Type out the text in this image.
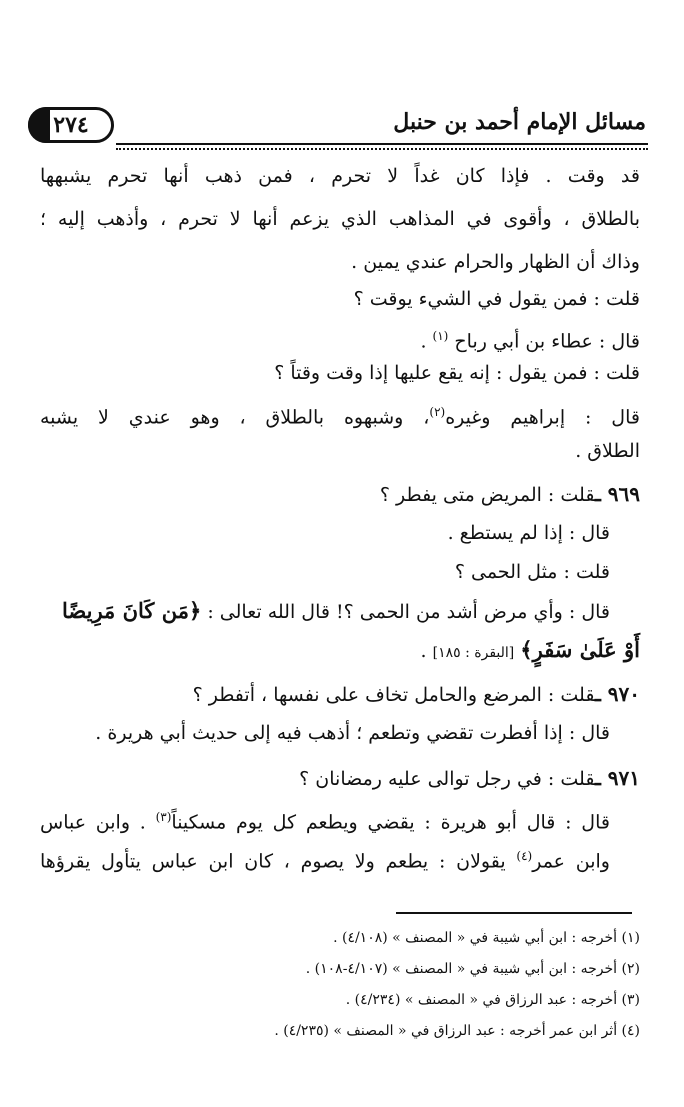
٢٧٤	مسائل الإمام أحمد بن حنبل
قد وقت . فإذا كان غداً لا تحرم ، فمن ذهب أنها تحرم يشبهها
بالطلاق ، وأقوى في المذاهب الذي يزعم أنها لا تحرم ، وأذهب إليه ؛
وذاك أن الظهار والحرام عندي يمين .
قلت : فمن يقول في الشيء يوقت ؟
قال : عطاء بن أبي رباح $^{(١)}$ .
قلت : فمن يقول : إنه يقع عليها إذا وقت وقتاً ؟
قال : إبراهيم وغيره$^{(٢)}$، وشبهوه بالطلاق ، وهو عندي لا يشبه
الطلاق .
٩٦٩ ـقلت : المريض متى يفطر ؟
قال : إذا لم يستطع .
قلت : مثل الحمى ؟
قال : وأي مرض أشد من الحمى ؟! قال الله تعالى : ﴿مَن كَانَ مَرِيضًا
أَوْ عَلَىٰ سَفَرٍ﴾ [البقرة : ١٨٥] .
٩٧٠ ـقلت : المرضع والحامل تخاف على نفسها ، أتفطر ؟
قال : إذا أفطرت تقضي وتطعم ؛ أذهب فيه إلى حديث أبي هريرة .
٩٧١ ـقلت : في رجل توالى عليه رمضانان ؟
قال : قال أبو هريرة : يقضي ويطعم كل يوم مسكيناً$^{(٣)}$ . وابن عباس
وابن عمر$^{(٤)}$ يقولان : يطعم ولا يصوم ، كان ابن عباس يتأول يقرؤها
(١) أخرجه : ابن أبي شيبة في « المصنف » (٤/١٠٨) .
(٢) أخرجه : ابن أبي شيبة في « المصنف » (٤/١٠٧-١٠٨) .
(٣) أخرجه : عبد الرزاق في « المصنف » (٤/٢٣٤) .
(٤) أثر ابن عمر أخرجه : عبد الرزاق في « المصنف » (٤/٢٣٥) .
